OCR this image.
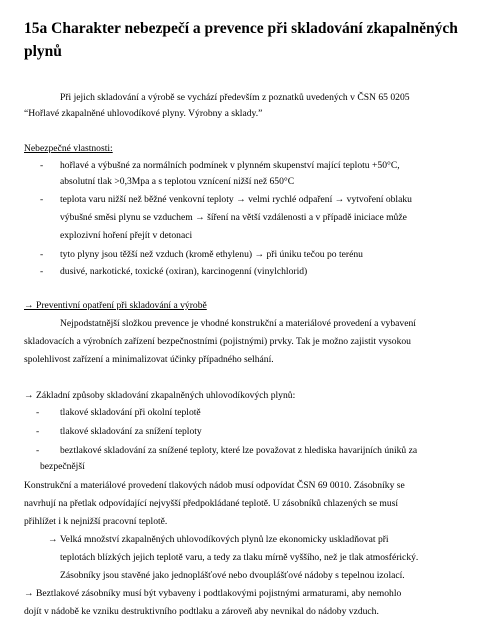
15a Charakter nebezpečí a prevence při skladování zkapalněných
plynů
Při jejich skladování a výrobě se vychází především z poznatků uvedených v ČSN 65 0205
“Hořlavé zkapalněné uhlovodíkové plyny. Výrobny a sklady.”
Nebezpečné vlastnosti:
- hořlavé a výbušné za normálních podmínek v plynném skupenství mající teplotu +50°C,
absolutní tlak >0,3Mpa a s teplotou vznícení nižší než 650°C
- teplota varu nižší než běžné venkovní teploty → velmi rychlé odpaření → vytvoření oblaku
výbušné směsi plynu se vzduchem → šíření na větší vzdálenosti a v případě iniciace může
explozivní hoření přejít v detonaci
- tyto plyny jsou těžší než vzduch (kromě ethylenu) → při úniku tečou po terénu
- dusivé, narkotické, toxické (oxiran), karcinogenní (vinylchlorid)
→ Preventivní opatření při skladování a výrobě
Nejpodstatnější složkou prevence je vhodné konstrukční a materiálové provedení a vybavení
skladovacích a výrobních zařízení bezpečnostními (pojistnými) prvky. Tak je možno zajistit vysokou
spolehlivost zařízení a minimalizovat účinky případného selhání.
→ Základní způsoby skladování zkapalněných uhlovodíkových plynů:
- tlakové skladování při okolní teplotě
- tlakové skladování za snížení teploty
- beztlakové skladování za snížené teploty, které lze považovat z hlediska havarijních úniků za
bezpečnější
Konstrukční a materiálové provedení tlakových nádob musí odpovídat ČSN 69 0010. Zásobníky se
navrhují na přetlak odpovídající nejvyšší předpokládané teplotě. U zásobníků chlazených se musí
přihlížet i k nejnižší pracovní teplotě.
→ Velká množství zkapalněných uhlovodíkových plynů lze ekonomicky uskladňovat při
teplotách blízkých jejich teplotě varu, a tedy za tlaku mírně vyššího, než je tlak atmosférický.
Zásobníky jsou stavěné jako jednoplášťové nebo dvouplášťové nádoby s tepelnou izolací.
→ Beztlakové zásobníky musí být vybaveny i podtlakovými pojistnými armaturami, aby nemohlo
dojít v nádobě ke vzniku destruktivního podtlaku a zároveň aby nevnikal do nádoby vzduch.
